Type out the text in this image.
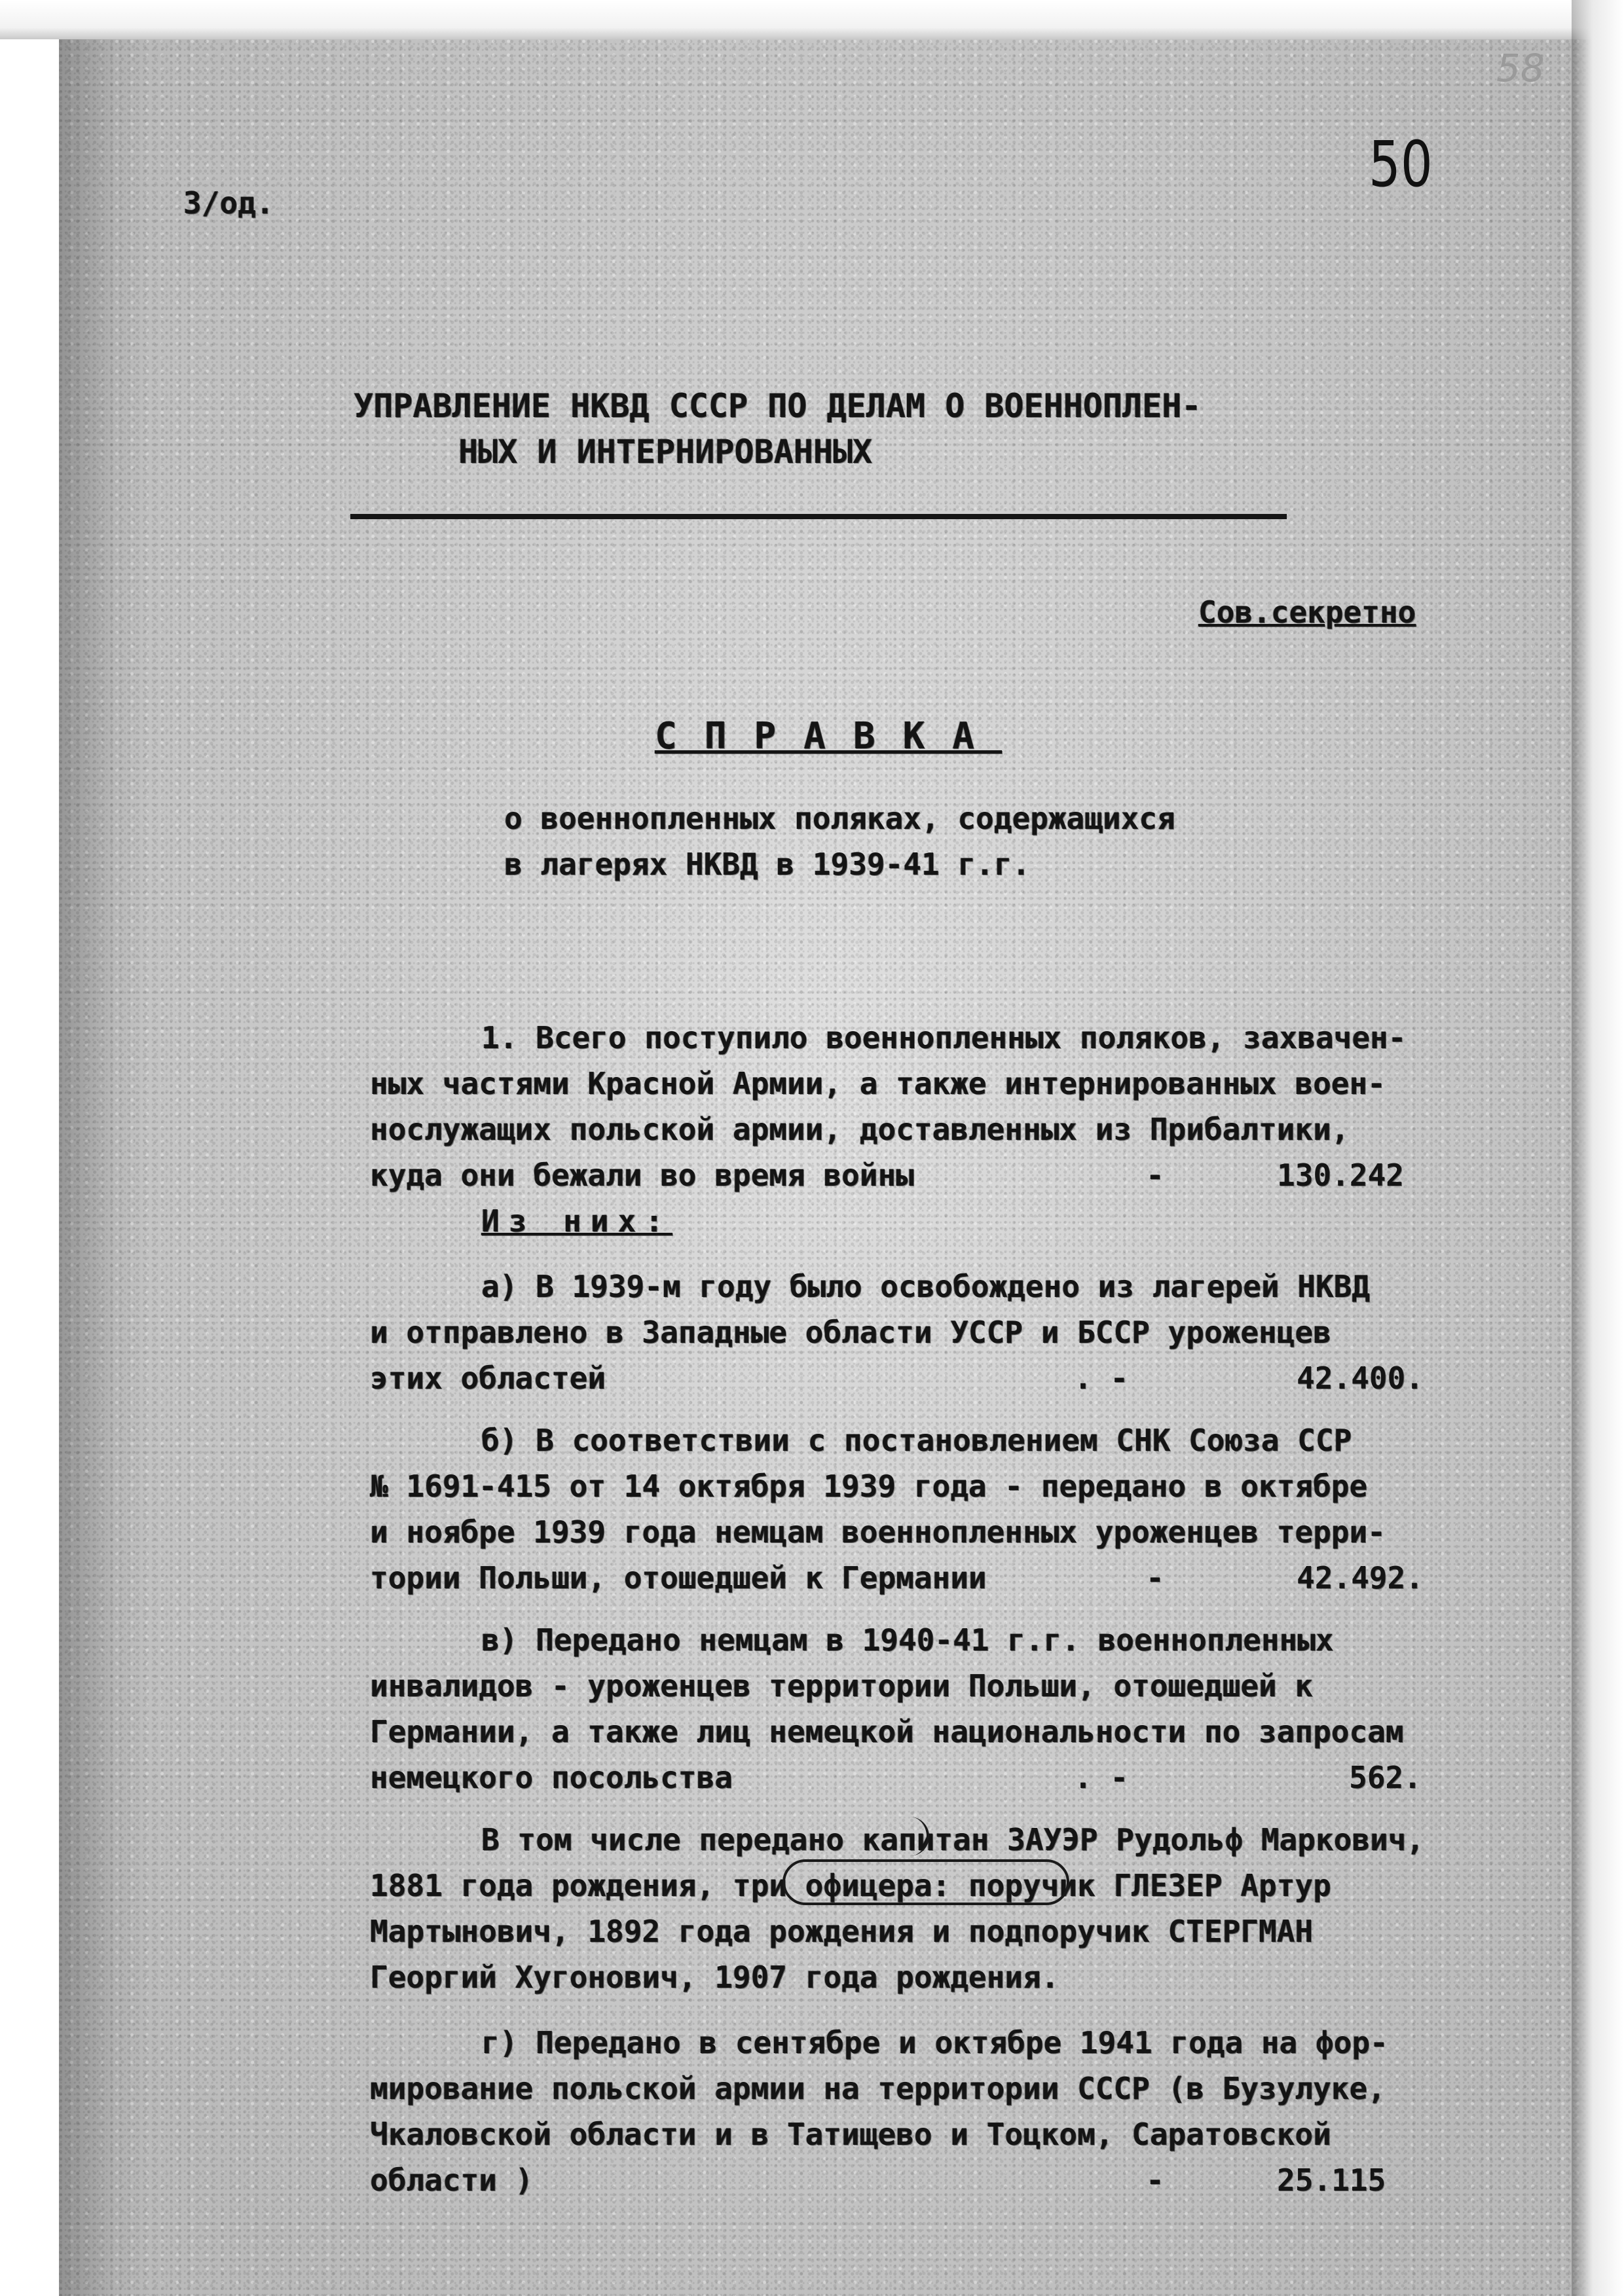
58
50
3/од.
УПРАВЛЕНИЕ НКВД СССР ПО ДЕЛАМ О ВОЕННОПЛЕН-
НЫХ И ИНТЕРНИРОВАННЫХ
Сов.секретно
СПРАВКА
о военнопленных поляках, содержащихся
в лагерях НКВД в 1939-41 г.г.
1. Всего поступило военнопленных поляков, захвачен-
ных частями Красной Армии, а также интернированных воен-
нослужащих польской армии, доставленных из Прибалтики,
куда они бежали во время войны	-	130.242
Из них:
а) В 1939-м году было освобождено из лагерей НКВД
и отправлено в Западные области УССР и БССР уроженцев
этих областей	. -	42.400.
б) В соответствии с постановлением СНК Союза ССР
№ 1691-415 от 14 октября 1939 года - передано в октябре
и ноябре 1939 года немцам военнопленных уроженцев терри-
тории Польши, отошедшей к Германии	-	42.492.
в) Передано немцам в 1940-41 г.г. военнопленных
инвалидов - уроженцев территории Польши, отошедшей к
Германии, а также лиц немецкой национальности по запросам
немецкого посольства	. -	562.
В том числе передано капитан ЗАУЭР Рудольф Маркович,
1881 года рождения, три офицера: поручик ГЛЕЗЕР Артур
Мартынович, 1892 года рождения и подпоручик СТЕРГМАН
Георгий Хугонович, 1907 года рождения.
г) Передано в сентябре и октябре 1941 года на фор-
мирование польской армии на территории СССР (в Бузулуке,
Чкаловской области и в Татищево и Тоцком, Саратовской
области )	-	25.115
